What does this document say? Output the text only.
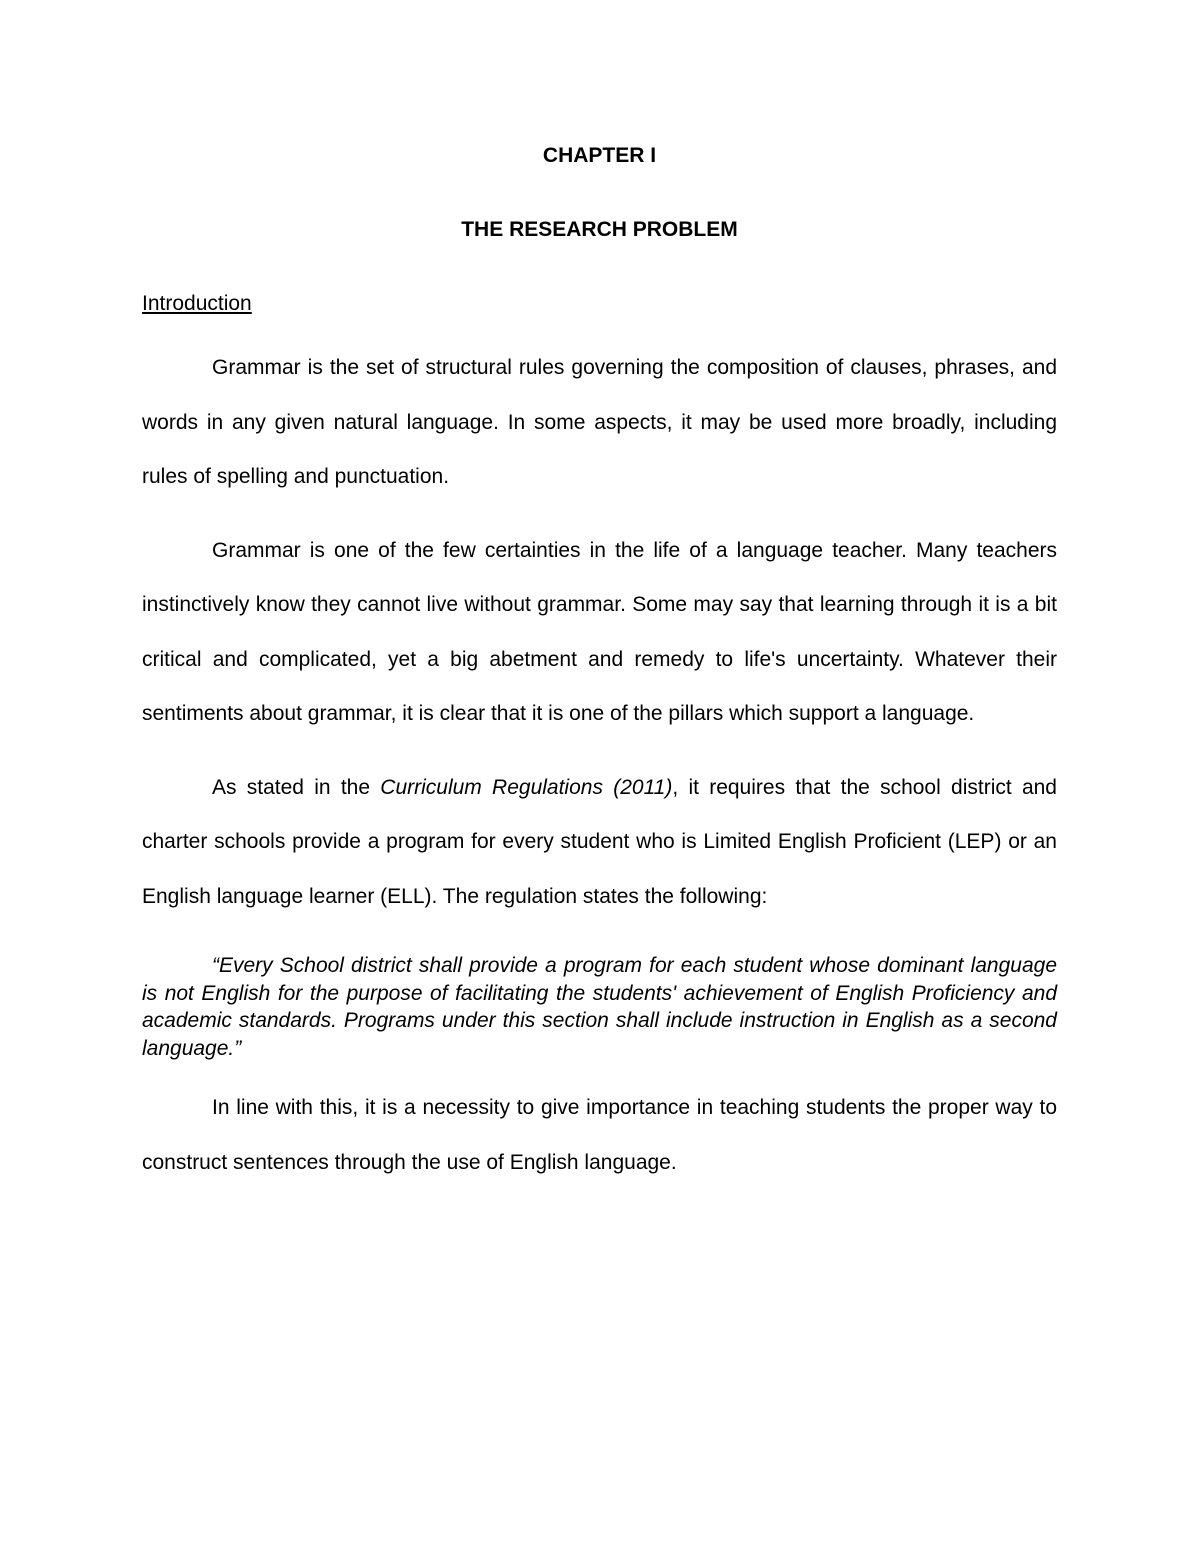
CHAPTER I

THE RESEARCH PROBLEM

Introduction

Grammar is the set of structural rules governing the composition of clauses, phrases, and words in any given natural language. In some aspects, it may be used more broadly, including rules of spelling and punctuation.

Grammar is one of the few certainties in the life of a language teacher. Many teachers instinctively know they cannot live without grammar. Some may say that learning through it is a bit critical and complicated, yet a big abetment and remedy to life's uncertainty. Whatever their sentiments about grammar, it is clear that it is one of the pillars which support a language.

As stated in the Curriculum Regulations (2011), it requires that the school district and charter schools provide a program for every student who is Limited English Proficient (LEP) or an English language learner (ELL). The regulation states the following:

“Every School district shall provide a program for each student whose dominant language is not English for the purpose of facilitating the students' achievement of English Proficiency and academic standards. Programs under this section shall include instruction in English as a second language.”

In line with this, it is a necessity to give importance in teaching students the proper way to construct sentences through the use of English language.
